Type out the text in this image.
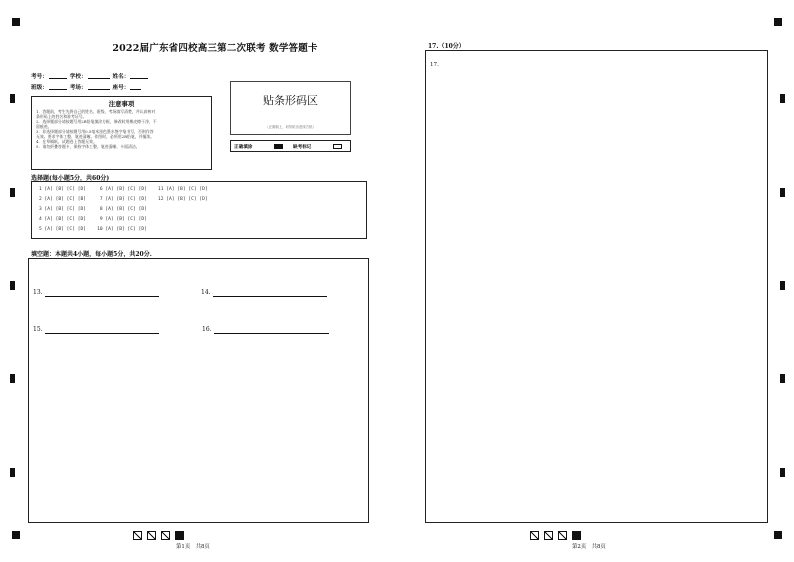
2022届广东省四校高三第二次联考 数学答题卡
考号：	学校：	姓名：
班级：	考场：	座号：
注意事项

1．答题前，考生先将自己的姓名、班级、考场填写清楚，并认真核对

条形码上的姓名和准考证号。

2．选择题部分请按题号用2B铅笔填涂方框，修改时用橡皮擦干净，不

留痕迹。

3．非选择题部分请按题号用0.5毫米黑色墨水签字笔书写，否则作答

无效。要求字体工整、笔迹清晰。作图时，必须用2B铅笔，并描浓。

4．在草稿纸、试题卷上答题无效。

5．请勿折叠答题卡，保持字体工整、笔迹清晰、卡面清洁。

贴条形码区
（正面朝上，切勿贴出虚线方框）
正确填涂	缺考标记
选择题(每小题5分，共60分)
1 [A] [B] [C] [D]     6 [A] [B] [C] [D]    11 [A] [B] [C] [D]
2 [A] [B] [C] [B]     7 [A] [B] [C] [D]    12 [A] [B] [C] [D]
3 [A] [B] [C] [D]     8 [A] [B] [C] [D]
4 [A] [B] [C] [D]     9 [A] [B] [C] [D]
5 [A] [B] [C] [D]    10 [A] [B] [C] [D]
填空题：本题共4小题，每小题5分，共20分.
13.	14.
15.	16.
17.（10分）
17.
第1页　共8页	第2页　共8页
